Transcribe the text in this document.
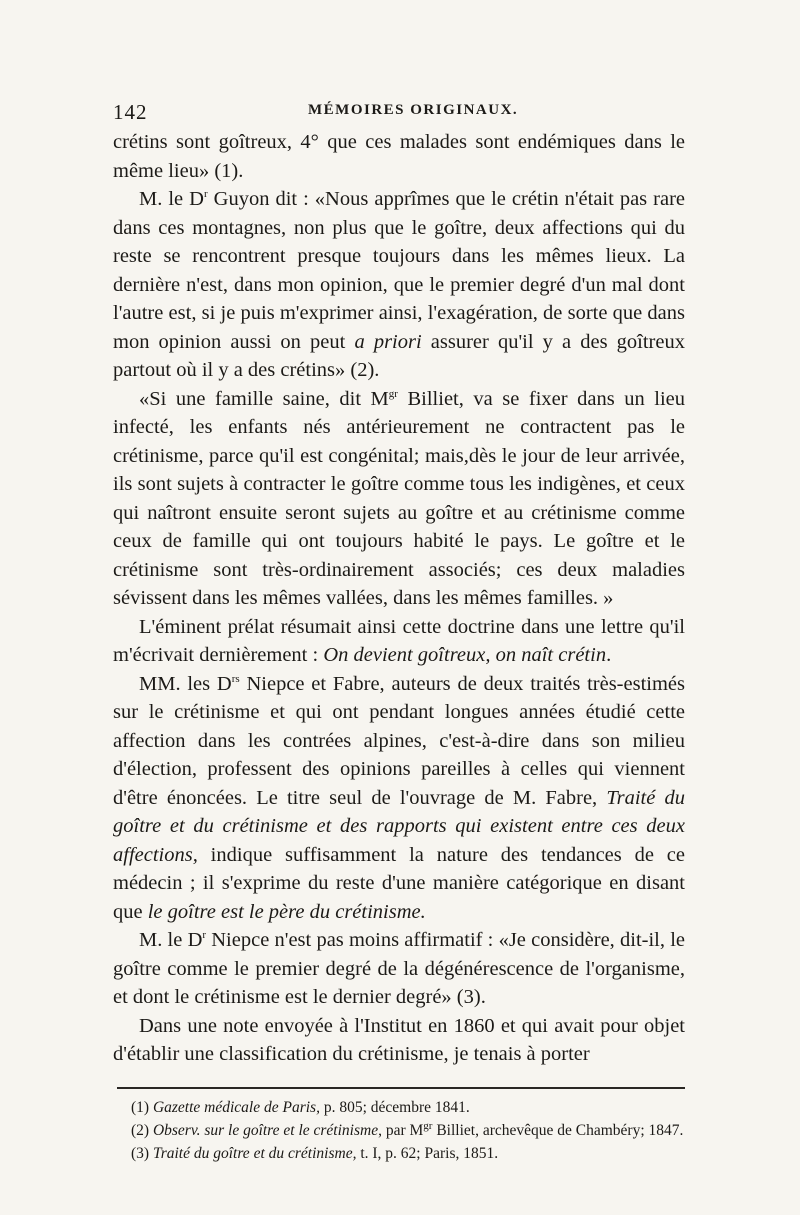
142	MÉMOIRES ORIGINAUX.

crétins sont goîtreux, 4° que ces malades sont endémiques dans le même lieu» (1).

M. le $D^r$ Guyon dit : «Nous apprîmes que le crétin n'était pas rare dans ces montagnes, non plus que le goître, deux affections qui du reste se rencontrent presque toujours dans les mêmes lieux. La dernière n'est, dans mon opinion, que le premier degré d'un mal dont l'autre est, si je puis m'exprimer ainsi, l'exagération, de sorte que dans mon opinion aussi on peut a priori assurer qu'il y a des goîtreux partout où il y a des crétins» (2).

«Si une famille saine, dit $M^{gr}$ Billiet, va se fixer dans un lieu infecté, les enfants nés antérieurement ne contractent pas le crétinisme, parce qu'il est congénital; mais,dès le jour de leur arrivée, ils sont sujets à contracter le goître comme tous les indigènes, et ceux qui naîtront ensuite seront sujets au goître et au crétinisme comme ceux de famille qui ont toujours habité le pays. Le goître et le crétinisme sont très-ordinairement associés; ces deux maladies sévissent dans les mêmes vallées, dans les mêmes familles. »

L'éminent prélat résumait ainsi cette doctrine dans une lettre qu'il m'écrivait dernièrement : On devient goîtreux, on naît crétin.

MM. les $D^{rs}$ Niepce et Fabre, auteurs de deux traités très-estimés sur le crétinisme et qui ont pendant longues années étudié cette affection dans les contrées alpines, c'est-à-dire dans son milieu d'élection, professent des opinions pareilles à celles qui viennent d'être énoncées. Le titre seul de l'ouvrage de M. Fabre, Traité du goître et du crétinisme et des rapports qui existent entre ces deux affections, indique suffisamment la nature des tendances de ce médecin ; il s'exprime du reste d'une manière catégorique en disant que le goître est le père du crétinisme.

M. le $D^r$ Niepce n'est pas moins affirmatif : «Je considère, dit-il, le goître comme le premier degré de la dégénérescence de l'organisme, et dont le crétinisme est le dernier degré» (3).

Dans une note envoyée à l'Institut en 1860 et qui avait pour objet d'établir une classification du crétinisme, je tenais à porter

(1) Gazette médicale de Paris, p. 805; décembre 1841.

(2) Observ. sur le goître et le crétinisme, par $M^{gr}$ Billiet, archevêque de Chambéry; 1847.

(3) Traité du goître et du crétinisme, t. I, p. 62; Paris, 1851.
